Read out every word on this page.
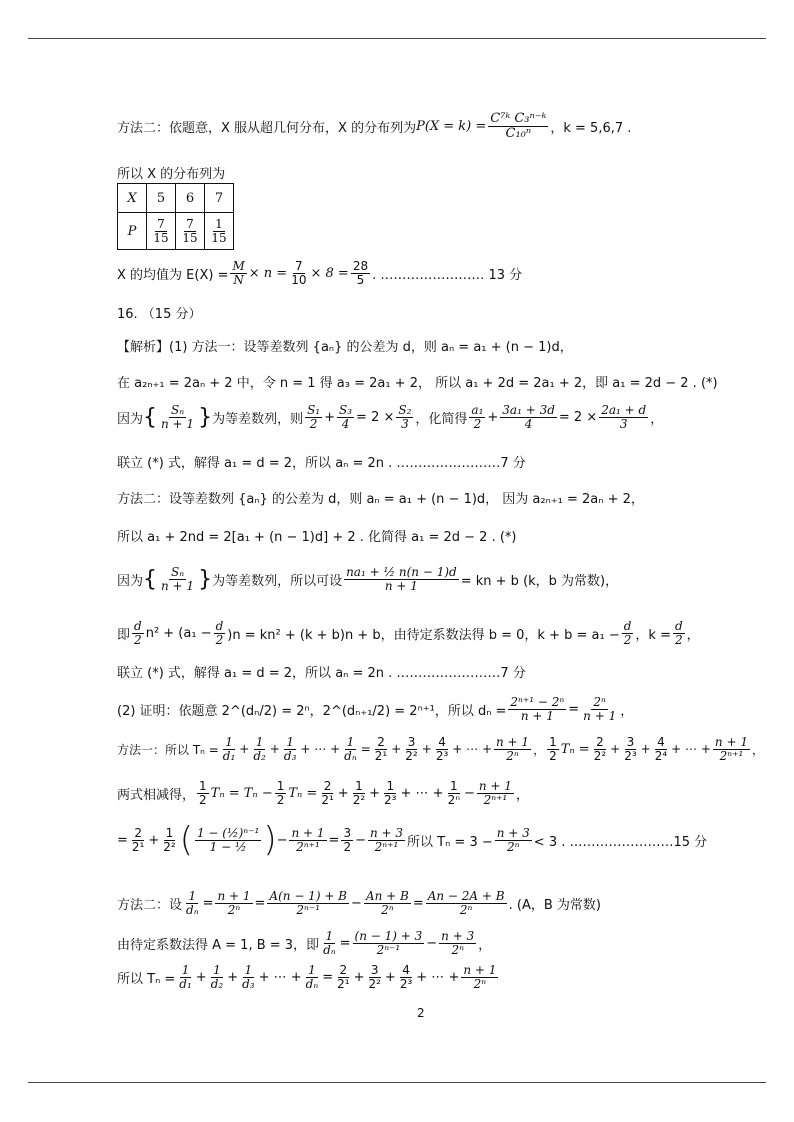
方法二：依题意，X 服从超几何分布，X 的分布列为 $P(X = k) = \frac{\text{C⁷ᵏ C₃ⁿ⁻ᵏ}}{\text{C₁₀ⁿ}}$ ，k = 5,6,7 .
所以 X 的分布列为
X	5	6	7
P	$\frac{7}{15}$	$\frac{7}{15}$	$\frac{1}{15}$
X 的均值为 $E(X) = \frac{M}{N} \times n = \frac{7}{10} \times 8 = \frac{28}{5}$ . …………………… 13 分
16. （15 分）
【解析】(1) 方法一：设等差数列 {aₙ} 的公差为 d，则 aₙ = a₁ + (n − 1)d，
在 a₂ₙ₊₁ = 2aₙ + 2 中，令 n = 1 得 a₃ = 2a₁ + 2， 所以 a₁ + 2d = 2a₁ + 2，即 a₁ = 2d − 2 . (*)
因为 { $\frac{\text{Sₙ}}{n + 1}$ } 为等差数列，则 $\frac{\text{S₁}}{2} + \frac{\text{S₃}}{4} = 2 \times \frac{\text{S₂}}{3}$ ，化简得 $\frac{\text{a₁}}{2} + \frac{\text{3a₁ + 3d}}{4} = 2 \times \frac{\text{2a₁ + d}}{3}$ ，
联立 (*) 式，解得 a₁ = d = 2，所以 aₙ = 2n . ……………………7 分
方法二：设等差数列 {aₙ} 的公差为 d，则 aₙ = a₁ + (n − 1)d， 因为 a₂ₙ₊₁ = 2aₙ + 2，
所以 a₁ + 2nd = 2[a₁ + (n − 1)d] + 2 . 化简得 a₁ = 2d − 2 . (*)
因为 { $\frac{\text{Sₙ}}{n + 1}$ } 为等差数列，所以可设 $\frac{\text{na₁ + ½ n(n − 1)d}}{n + 1}$ = kn + b (k，b 为常数)，
即 $\frac{d}{2} n^2 + (a_1 - \frac{d}{2} )n = kn^2 + (k + b)n + b$，由待定系数法得 b = 0，$k + b = a_1 - \frac{d}{2}$ ，$k = \frac{d}{2}$ ，
联立 (*) 式，解得 a₁ = d = 2，所以 aₙ = 2n . ……………………7 分
(2) 证明：依题意 2^(dₙ/2) = 2ⁿ，2^(dₙ₊₁/2) = 2ⁿ⁺¹，所以 $d_n = \frac{\text{2ⁿ⁺¹ − 2ⁿ}}{n + 1} = \frac{\text{2ⁿ}}{n + 1}$ ，
方法一：所以 $T_n = \frac{1}{\text{d₁}} + \frac{1}{\text{d₂}} + \frac{1}{\text{d₃}}$ + ⋯ + $\frac{1}{\text{dₙ}} = \frac{2}{\text{2¹}} + \frac{3}{\text{2²}} + \frac{4}{\text{2³}}$ + ⋯ + $\frac{n + 1}{\text{2ⁿ}}$ ， $\frac{1}{2}$ $T_n = \frac{2}{\text{2²}} + \frac{3}{\text{2³}} + \frac{4}{\text{2⁴}}$ + ⋯ + $\frac{n + 1}{\text{2ⁿ⁺¹}}$ ，
两式相减得， $\frac{1}{2}$ $T_n = T_n - \frac{1}{2}$ $T_n = \frac{2}{\text{2¹}} + \frac{1}{\text{2²}} + \frac{1}{\text{2³}}$ + ⋯ + $\frac{1}{\text{2ⁿ}} - \frac{n + 1}{\text{2ⁿ⁺¹}}$ ，
= $\frac{2}{\text{2¹}} + \frac{1}{\text{2²}}$ ( $\frac{\text{1 − (½)ⁿ⁻¹}}{\text{1 − ½}}$ ) − $\frac{n + 1}{\text{2ⁿ⁺¹}} = \frac{3}{2} - \frac{n + 3}{\text{2ⁿ⁺¹}}$ 所以 $T_n = 3 - \frac{n + 3}{\text{2ⁿ}} < 3$ . ……………………15 分
方法二：设 $\frac{1}{\text{dₙ}} = \frac{n + 1}{\text{2ⁿ}} = \frac{A(n - 1) + B}{\text{2ⁿ⁻¹}} - \frac{An + B}{\text{2ⁿ}} = \frac{An - 2A + B}{\text{2ⁿ}}$ . (A，B 为常数)
由待定系数法得 A = 1, B = 3，即 $\frac{1}{\text{dₙ}} = \frac{(n - 1) + 3}{\text{2ⁿ⁻¹}} - \frac{n + 3}{\text{2ⁿ}}$ ，
所以 $T_n = \frac{1}{\text{d₁}} + \frac{1}{\text{d₂}} + \frac{1}{\text{d₃}}$ + ⋯ + $\frac{1}{\text{dₙ}} = \frac{2}{\text{2¹}} + \frac{3}{\text{2²}} + \frac{4}{\text{2³}}$ + ⋯ + $\frac{n + 1}{\text{2ⁿ}}$
2
